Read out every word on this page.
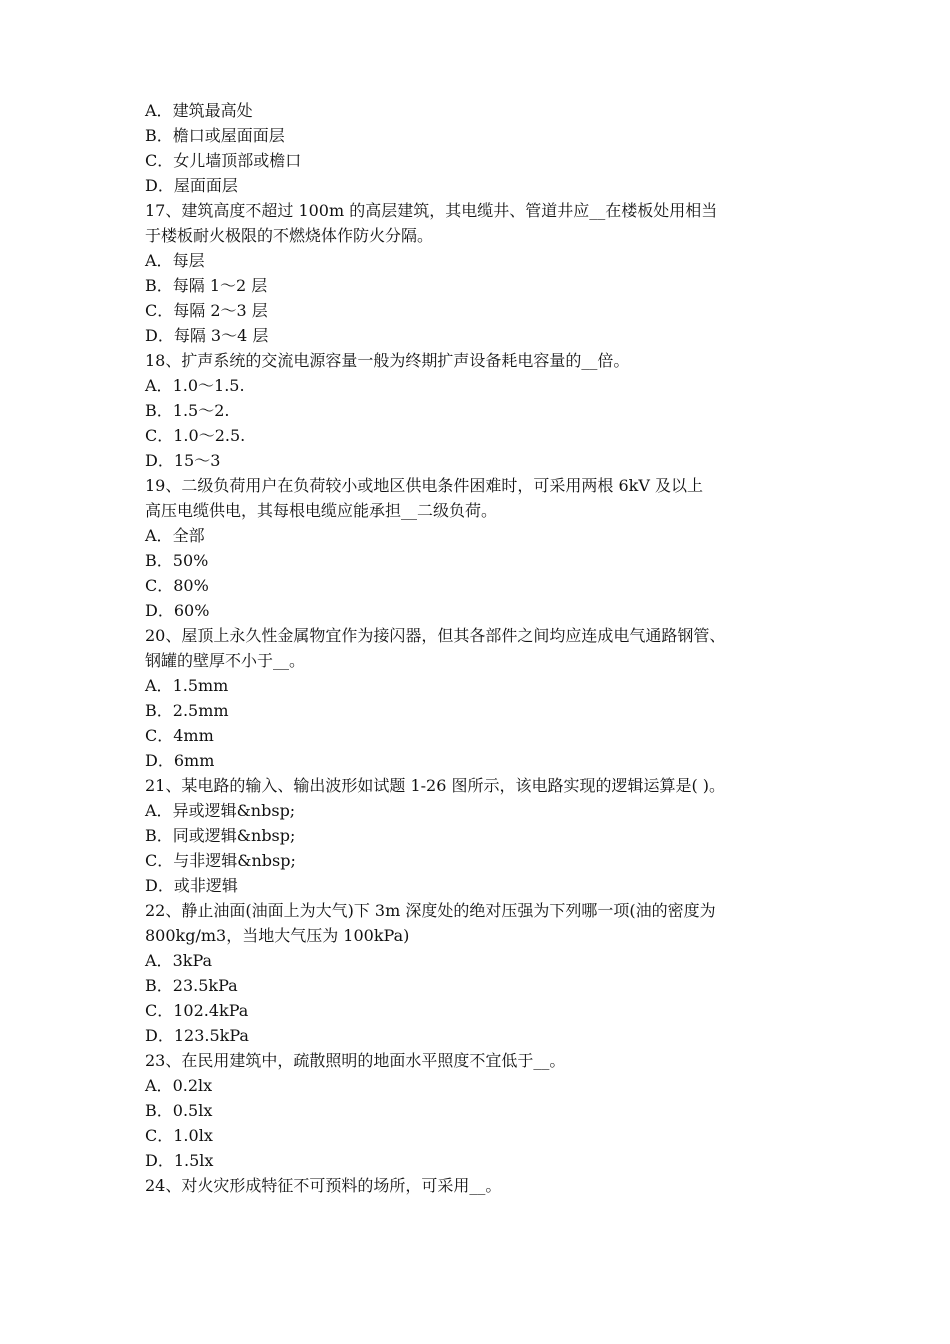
A．建筑最高处
B．檐口或屋面面层
C．女儿墙顶部或檐口
D．屋面面层
17、建筑高度不超过 100m 的高层建筑，其电缆井、管道井应__在楼板处用相当
于楼板耐火极限的不燃烧体作防火分隔。
A．每层
B．每隔 1～2 层
C．每隔 2～3 层
D．每隔 3～4 层
18、扩声系统的交流电源容量一般为终期扩声设备耗电容量的__倍。
A．1.0～1.5.
B．1.5～2.
C．1.0～2.5.
D．15～3
19、二级负荷用户在负荷较小或地区供电条件困难时，可采用两根 6kV 及以上
高压电缆供电，其每根电缆应能承担__二级负荷。
A．全部
B．50%
C．80%
D．60%
20、屋顶上永久性金属物宜作为接闪器，但其各部件之间均应连成电气通路钢管、
钢罐的壁厚不小于__。
A．1.5mm
B．2.5mm
C．4mm
D．6mm
21、某电路的输入、输出波形如试题 1-26 图所示，该电路实现的逻辑运算是( )。
A．异或逻辑&nbsp;
B．同或逻辑&nbsp;
C．与非逻辑&nbsp;
D．或非逻辑
22、静止油面(油面上为大气)下 3m 深度处的绝对压强为下列哪一项(油的密度为
800kg/m3，当地大气压为 100kPa)
A．3kPa
B．23.5kPa
C．102.4kPa
D．123.5kPa
23、在民用建筑中，疏散照明的地面水平照度不宜低于__。
A．0.2lx
B．0.5lx
C．1.0lx
D．1.5lx
24、对火灾形成特征不可预料的场所，可采用__。
